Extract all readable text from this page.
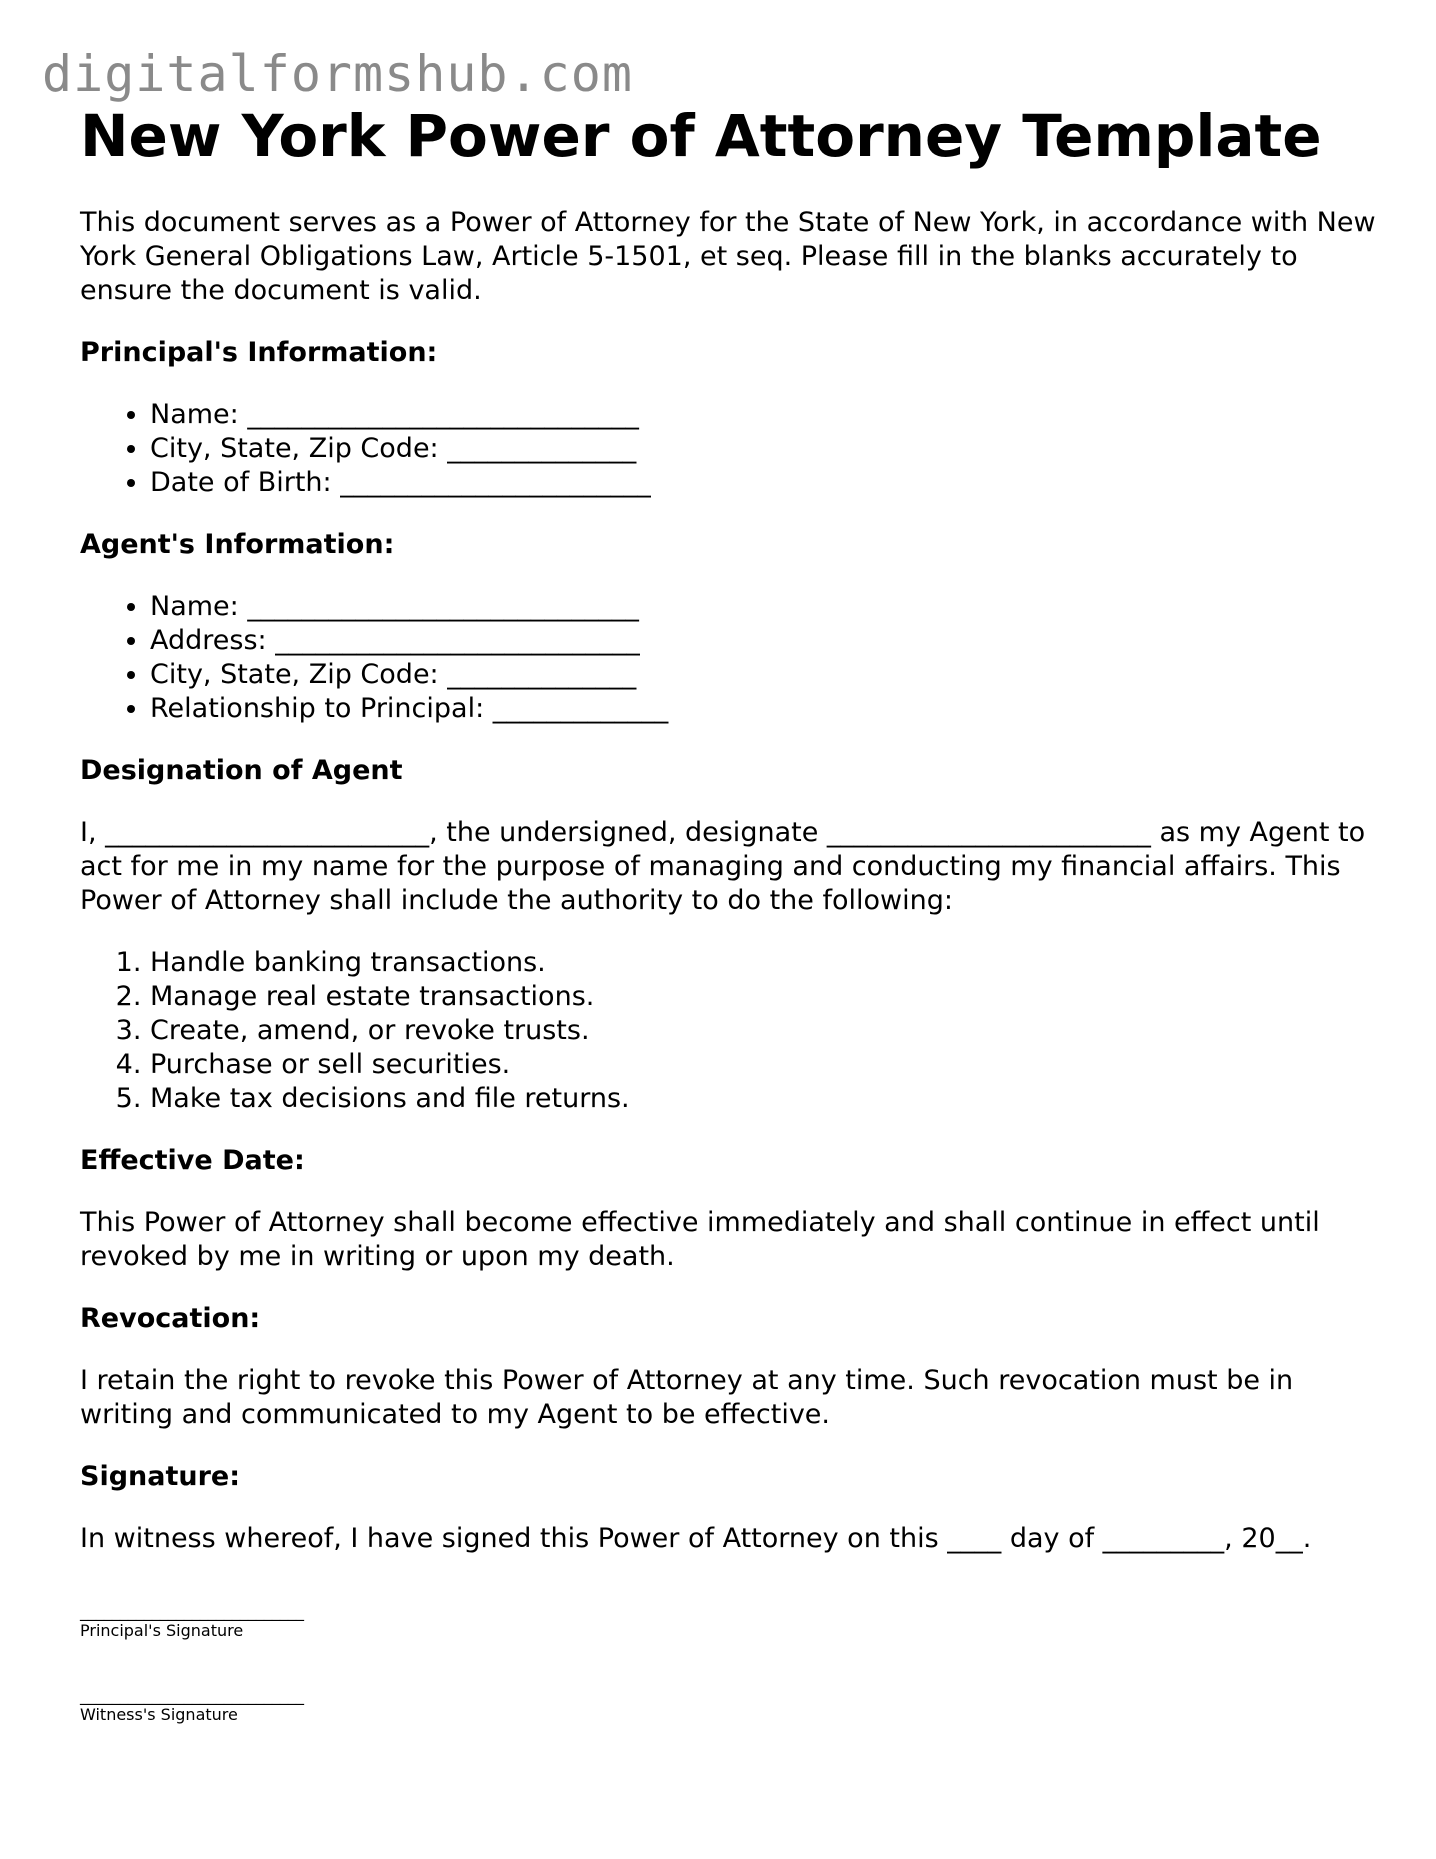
digitalformshub.com
New York Power of Attorney Template

This document serves as a Power of Attorney for the State of New York, in accordance with New York General Obligations Law, Article 5-1501, et seq. Please fill in the blanks accurately to ensure the document is valid.

Principal's Information:

• Name: _____________________________
• City, State, Zip Code: ______________
• Date of Birth: _______________________

Agent's Information:

• Name: _____________________________
• Address: ___________________________
• City, State, Zip Code: ______________
• Relationship to Principal: _____________

Designation of Agent

I, ________________________, the undersigned, designate ________________________ as my Agent to act for me in my name for the purpose of managing and conducting my financial affairs. This Power of Attorney shall include the authority to do the following:

1. Handle banking transactions.
2. Manage real estate transactions.
3. Create, amend, or revoke trusts.
4. Purchase or sell securities.
5. Make tax decisions and file returns.

Effective Date:

This Power of Attorney shall become effective immediately and shall continue in effect until revoked by me in writing or upon my death.

Revocation:

I retain the right to revoke this Power of Attorney at any time. Such revocation must be in writing and communicated to my Agent to be effective.

Signature:

In witness whereof, I have signed this Power of Attorney on this ____ day of _________, 20__.

____________________________
Principal's Signature
____________________________
Witness's Signature
